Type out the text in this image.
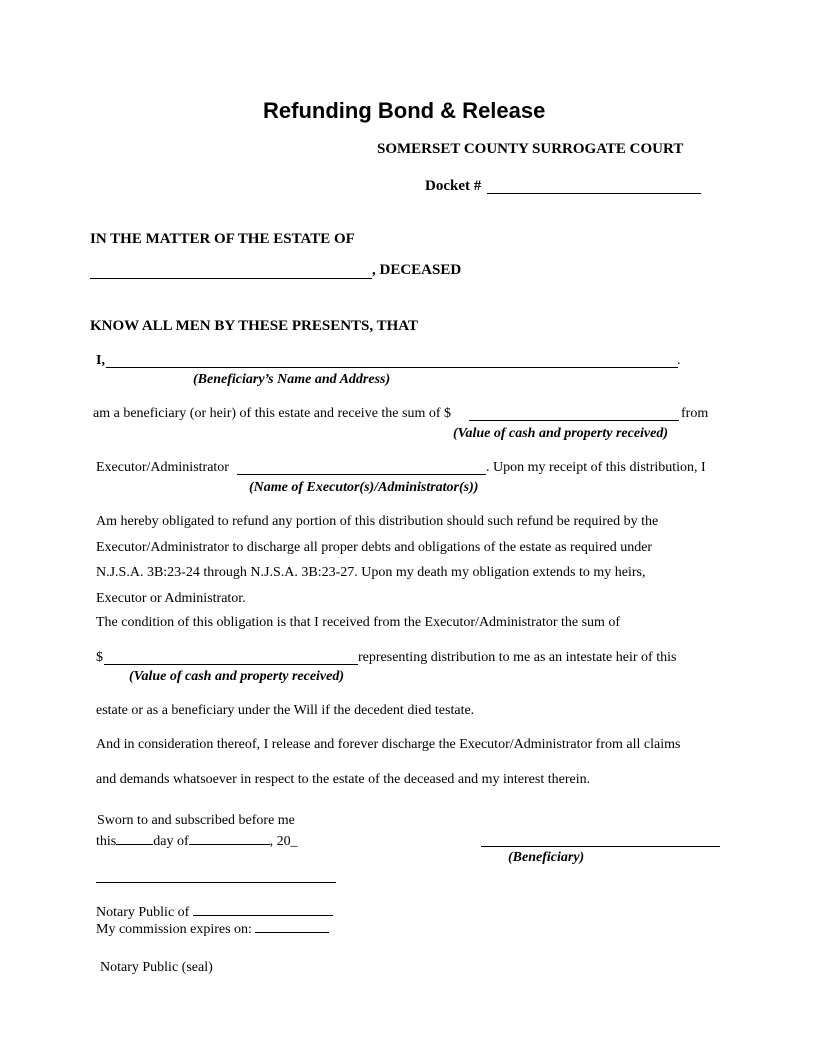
Refunding Bond & Release
SOMERSET COUNTY SURROGATE COURT
Docket #
IN THE MATTER OF THE ESTATE OF
, DECEASED
KNOW ALL MEN BY THESE PRESENTS, THAT
I,	.
(Beneficiary’s Name and Address)
am a beneficiary (or heir) of this estate and receive the sum of $	from
(Value of cash and property received)
Executor/Administrator	. Upon my receipt of this distribution, I
(Name of Executor(s)/Administrator(s))
Am hereby obligated to refund any portion of this distribution should such refund be required by the
Executor/Administrator to discharge all proper debts and obligations of the estate as required under
N.J.S.A. 3B:23-24 through N.J.S.A. 3B:23-27. Upon my death my obligation extends to my heirs,
Executor or Administrator.
The condition of this obligation is that I received from the Executor/Administrator the sum of
$	representing distribution to me as an intestate heir of this
(Value of cash and property received)
estate or as a beneficiary under the Will if the decedent died testate.
And in consideration thereof, I release and forever discharge the Executor/Administrator from all claims
and demands whatsoever in respect to the estate of the deceased and my interest therein.
Sworn to and subscribed before me
this	day of	, 20_
(Beneficiary)
Notary Public of
My commission expires on:
Notary Public (seal)
